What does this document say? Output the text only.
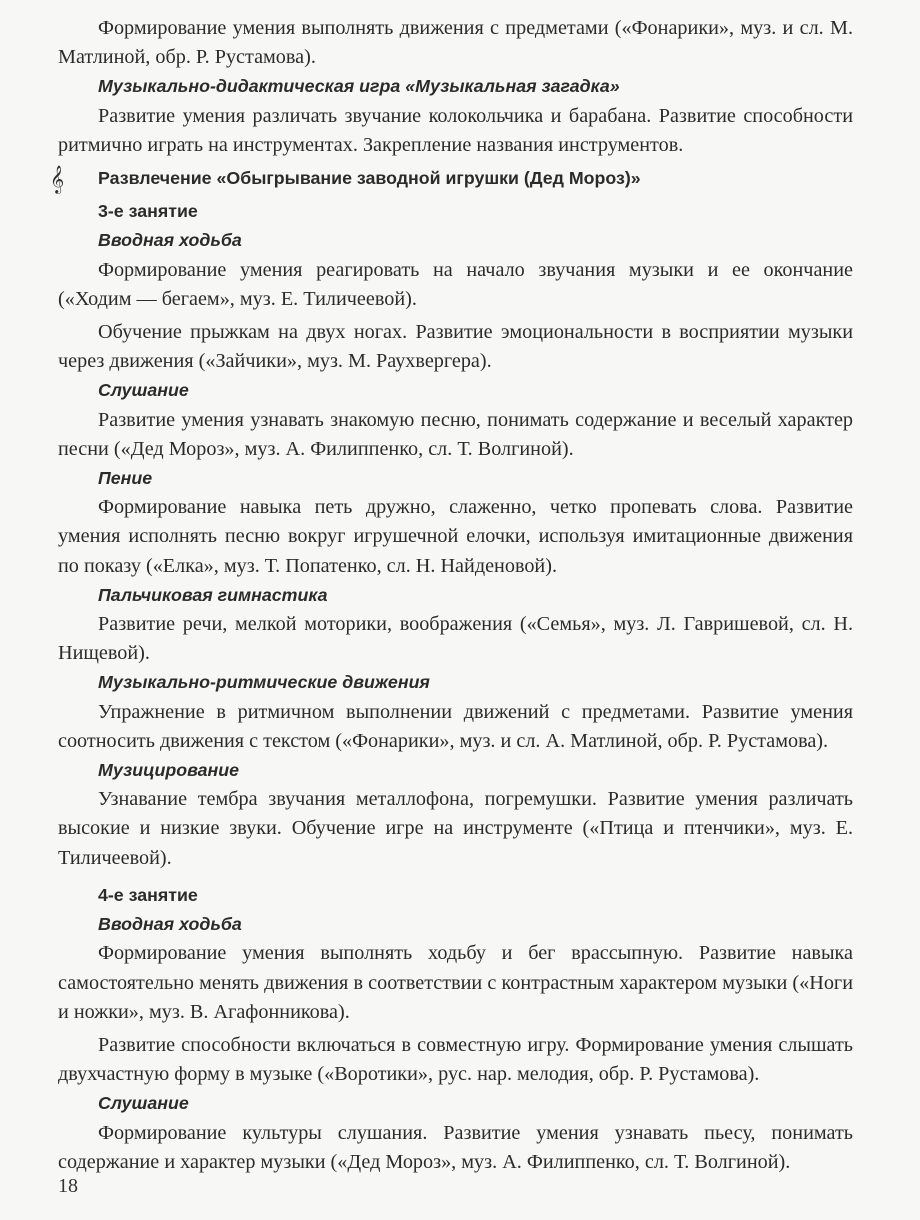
Формирование умения выполнять движения с предметами («Фонарики», муз. и сл. М. Матлиной, обр. Р. Рустамова).

Музыкально-дидактическая игра «Музыкальная загадка»

Развитие умения различать звучание колокольчика и барабана. Развитие способности ритмично играть на инструментах. Закрепление названия инструментов.

𝄞	Развлечение «Обыгрывание заводной игрушки (Дед Мороз)»

3-е занятие

Вводная ходьба

Формирование умения реагировать на начало звучания музыки и ее окончание («Ходим — бегаем», муз. Е. Тиличеевой).

Обучение прыжкам на двух ногах. Развитие эмоциональности в восприятии музыки через движения («Зайчики», муз. М. Раухвергера).

Слушание

Развитие умения узнавать знакомую песню, понимать содержание и веселый характер песни («Дед Мороз», муз. А. Филиппенко, сл. Т. Волгиной).

Пение

Формирование навыка петь дружно, слаженно, четко пропевать слова. Развитие умения исполнять песню вокруг игрушечной елочки, используя имитационные движения по показу («Елка», муз. Т. Попатенко, сл. Н. Найденовой).

Пальчиковая гимнастика

Развитие речи, мелкой моторики, воображения («Семья», муз. Л. Гавришевой, сл. Н. Нищевой).

Музыкально-ритмические движения

Упражнение в ритмичном выполнении движений с предметами. Развитие умения соотносить движения с текстом («Фонарики», муз. и сл. А. Матлиной, обр. Р. Рустамова).

Музицирование

Узнавание тембра звучания металлофона, погремушки. Развитие умения различать высокие и низкие звуки. Обучение игре на инструменте («Птица и птенчики», муз. Е. Тиличеевой).

4-е занятие

Вводная ходьба

Формирование умения выполнять ходьбу и бег врассыпную. Развитие навыка самостоятельно менять движения в соответствии с контрастным характером музыки («Ноги и ножки», муз. В. Агафонникова).

Развитие способности включаться в совместную игру. Формирование умения слышать двухчастную форму в музыке («Воротики», рус. нар. мелодия, обр. Р. Рустамова).

Слушание

Формирование культуры слушания. Развитие умения узнавать пьесу, понимать содержание и характер музыки («Дед Мороз», муз. А. Филиппенко, сл. Т. Волгиной).

18
